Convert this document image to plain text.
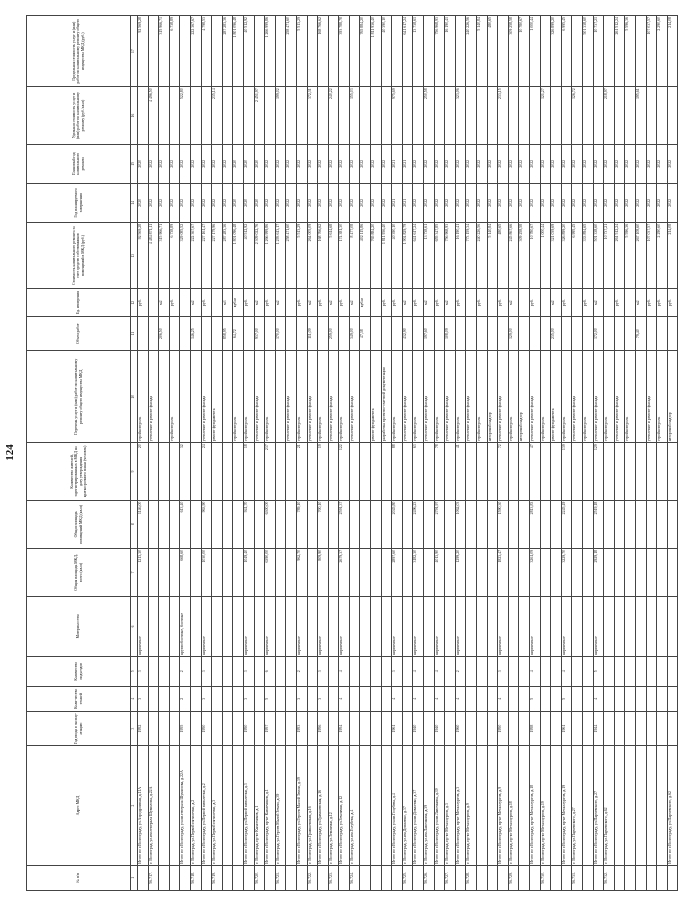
124
№ п/п	Адрес МКД	Год ввода в эксплу-атацию	Коли-чество этажей	Количество подъездов	Материал стен	Общая площадь МКД, всего (кв.м)	Общая площадь помещений МКД (кв.м)	Количество жителей, зарегистрированных в МКД на дату утверждения краткосрочного плана (человек)	Перечень услуг и (или) работ по капитальному ремонту общего имущества МКД	Объем работ	Ед. измерения	Стоимость капитального ремонта за счет средств собственников помещений в МКД (руб.)	Год планируемого завершения	Плановый год капитального ремонта	Удельная стоимость услуг и (или) работ по капитальному ремонту (руб./кв.м)	Предельная стоимость услуг и (или) работ по капитальному ремонту общего имущества МКД (руб.)
1	2	3	4	5	6	7	8	9	10	11	12	13	14	15	16	17
	Итого по г.Волгограду, ул.Аэродромная, д.11А	1952	3	3	кирпичные	1213,30	1146,00	20	стройконтроль		руб.	92 569,28	2020	2020		92 569,28
56.717.	г. Волгоград, ул.им.генерала Шумилова, д.22А								утепление и ремонт фасада			4 484 871,11	2022	2022	4 496,50	
										206,50	м2	315 966,71	2022	2022		315 966,71
									стройконтроль		руб.	6 738,89	2022	2022		6 738,89
	Итого по г.Волгограду, ул.им.генерала Шумилова, д.22А	1955	2	2	крупноблочные, блочные	668,60	613,40	32				329 085,52	2022	2022	522,80	
56.718.	г. Волгоград, ул.Первой пятилетки, д.2									146,25	м2	222 367,67	2022	2022		222 367,67
	Итого по г.Волгограду, ул.Первой пятилетки, д.2	1950	3	3	кирпичные	1030,00	963,90	24	утепление и ремонт фасада		руб.	227 161,47	2022	2022		4 798,53
56.719.	г. Волгоград, ул.Первой пятилетки, д.3								ремонт фундамента			227 179,96	2022	2022	235,14	
										858,95	м3	287 283,36	2022	2022		287 283,36
									стройконтроль	64,72	куб.м	1 801 096,48	2020	2020		1 801 096,48
	Итого по г.Волгограду, ул.Первой пятилетки, д.3	1950	3	3	кирпичные	1049,40	941,70	18	стройконтроль		руб.	40 512,92	2020	2020		40 512,92
56.720.	г. Волгоград, пр-кт Канатчиков, д.1								утепление и ремонт фасада	937,00	м2	2 309 022,76	2020	2020	2 451,97	
	Итого по г.Волгограду, пр-кт Канатчиков, д.1	1957	5	6	кирпичные	6390,00	6300,00	237	стройконтроль		руб.	1 266 999,86	2022	2022		1 266 999,86
56.721.	г. Волгоград, ул.Героев Малой Земли, д.39									170,00	м2	1 293 613,17	2022	2022	199,02	
									утепление и ремонт фасада			258 471,60	2022	2022		258 471,60
	Итого по г.Волгограду, ул.Героев Малой Земли, д.39	1953	3	2	кирпичные	962,70	789,10	21	стройконтроль		руб.	5 513,29	2022	2022		5 513,29
56.722.	г. Волгоград, ул.Грамшевская, д.16								утепление и ремонт фасада	111,09	м2	264 005,09	2022	2022	372,31	
	Итого по г.Волгограду, ул.Грамшевская, д.16	1956	3	3	кирпичные	809,90	700,10	19	стройконтроль		руб.	168 766,62	2022	2022		168 766,62
56.723.	г. Волгоград, ул.Землячки, д.12								утепление и ремонт фасада	259,00	м2	5 614,68	2022	2022	240,22	
	Итого по г.Волгограду, ул.Землячки, д.12	1954	4	4	кирпичные	2679,37	2591,37	122	стройконтроль		руб.	174 381,30	2022	2022		393 788,78
56.724.	г. Волгоград, ул.им.Голубева, д.4								утепление и ремонт фасада	349,00	м2	8 477,08	2022	2022	155,03	
										47,38	куб.м	402 115,86	2022	2022		765 884,20
									ремонт фундамента			765 884,20	2022	2022		1 811 936,40
									разработка проектно-сметной документации		руб.	1 811 936,40	2022	2022		40 390,10
	Итого по г.Волгограду, ул.им.Голубева, д.4	1961	4	3	кирпичные	2897,60	2045,80	88	стройконтроль		руб.	40 390,10	2021	2021	975,69	
56.725.	г. Волгоград, ул.им.Довженко, д.37								утепление и ремонт фасада	432,90	м2	1 904 829,79	2021	2021		641 617,24
	Итого по г.Волгограду, ул.им.Довженко, д.37	1940	4	4	кирпичные	3182,30	2496,23	63	стройконтроль		руб.	641 617,24	2022	2022		13 738,61
56.726.	г. Волгоград, ул.им.Лавочкина, д.39								утепление и ремонт фасада	197,60	м2	13 738,61	2022	2022	250,58	
	Итого по г.Волгограду, ул.им.Лавочкина, д.39	1940	4	4	кирпичные	4013,90	2791,97	78	стройконтроль		руб.	655 347,85	2022	2022		756 968,93
56.727.	г. Волгоград, пр-кт Металлургов, д.3								утепление и ремонт фасада	108,09	м2	756 968,93	2022	2022		16 190,41
	Итого по г.Волгограду, пр-кт Металлургов, д.3	1960	4	2	кирпичные	1299,20	1062,03	41	стройконтроль		руб.	16 190,41	2022	2022	323,06	
56.728.	г. Волгоград, пр-кт Металлургов, д.9								утепление и ремонт фасада			773 159,34	2022	2022		240 226,56
									стройконтроль		руб.	240 226,56	2022	2022		5 140,84
									авторский надзор			5 140,84	2022	2022		480,65
	Итого по г.Волгограду, пр-кт Металлургов, д.9	1950	4	3	кирпичные	1823,47	1590,30	72	утепление и ремонт фасада		руб.	480,65	2022	2022	233,15	
56.729.	г. Волгоград, пр-кт Металлургов, д.18								стройконтроль	129,00	м2	245 867,66	2022	2022		309 258,58
									авторский надзор			309 258,58	2022	2022		10 780,67
	Итого по г.Волгограду, пр-кт Металлургов, д.18	1958	5	4	кирпичные	3261,09	2813,83	47	утепление и ремонт фасада		руб.	10 780,67	2022	2022		1 000,44
56.730.	г. Волгоград, пр-кт Металлургов, д.19								стройконтроль			1 000,44	2022	2022	121,27	
									ремонт фундамента	235,00	м2	321 039,69	2022	2022		326 899,20
	Итого по г.Волгограду, пр-кт Металлургов, д.19	1961	5	4	кирпичные	3229,70	2245,49	139	стройконтроль		руб.	326 899,20	2022	2022		6 995,45
56.731.	г. Волгоград, ул.Парчевского, д.27								утепление и ремонт фасада			6 995,45	2022	2022	126,72	
									стройконтроль		руб.	333 894,65	2022	2022		501 338,60
	Итого по г.Волгограду, ул.Парчевского, д.27	1944	4	5	кирпичные	2929,18	2519,18	129	утепление и ремонт фасада	172,00	м2	501 338,60	2022	2022		10 737,21
56.732.	г. Волгоград, ул.Парчевского, д.62								стройконтроль			10 737,21	2022	2022	218,97	
									утепление и ремонт фасада		руб.	261 512,24	2022	2022		261 512,24
									стройконтроль			5 596,36	2022	2022		5 596,36
										79,40	м2	267 108,60	2022	2022	195,61	
									утепление и ремонт фасада		руб.	107 037,57	2022	2022		107 037,57
									стройконтроль		руб.	2 290,60	2022	2022		2 290,60
	Итого по г.Волгограду, ул.Парчевского, д.62								авторский надзор		руб.	214,08	2022	2022		214,08
